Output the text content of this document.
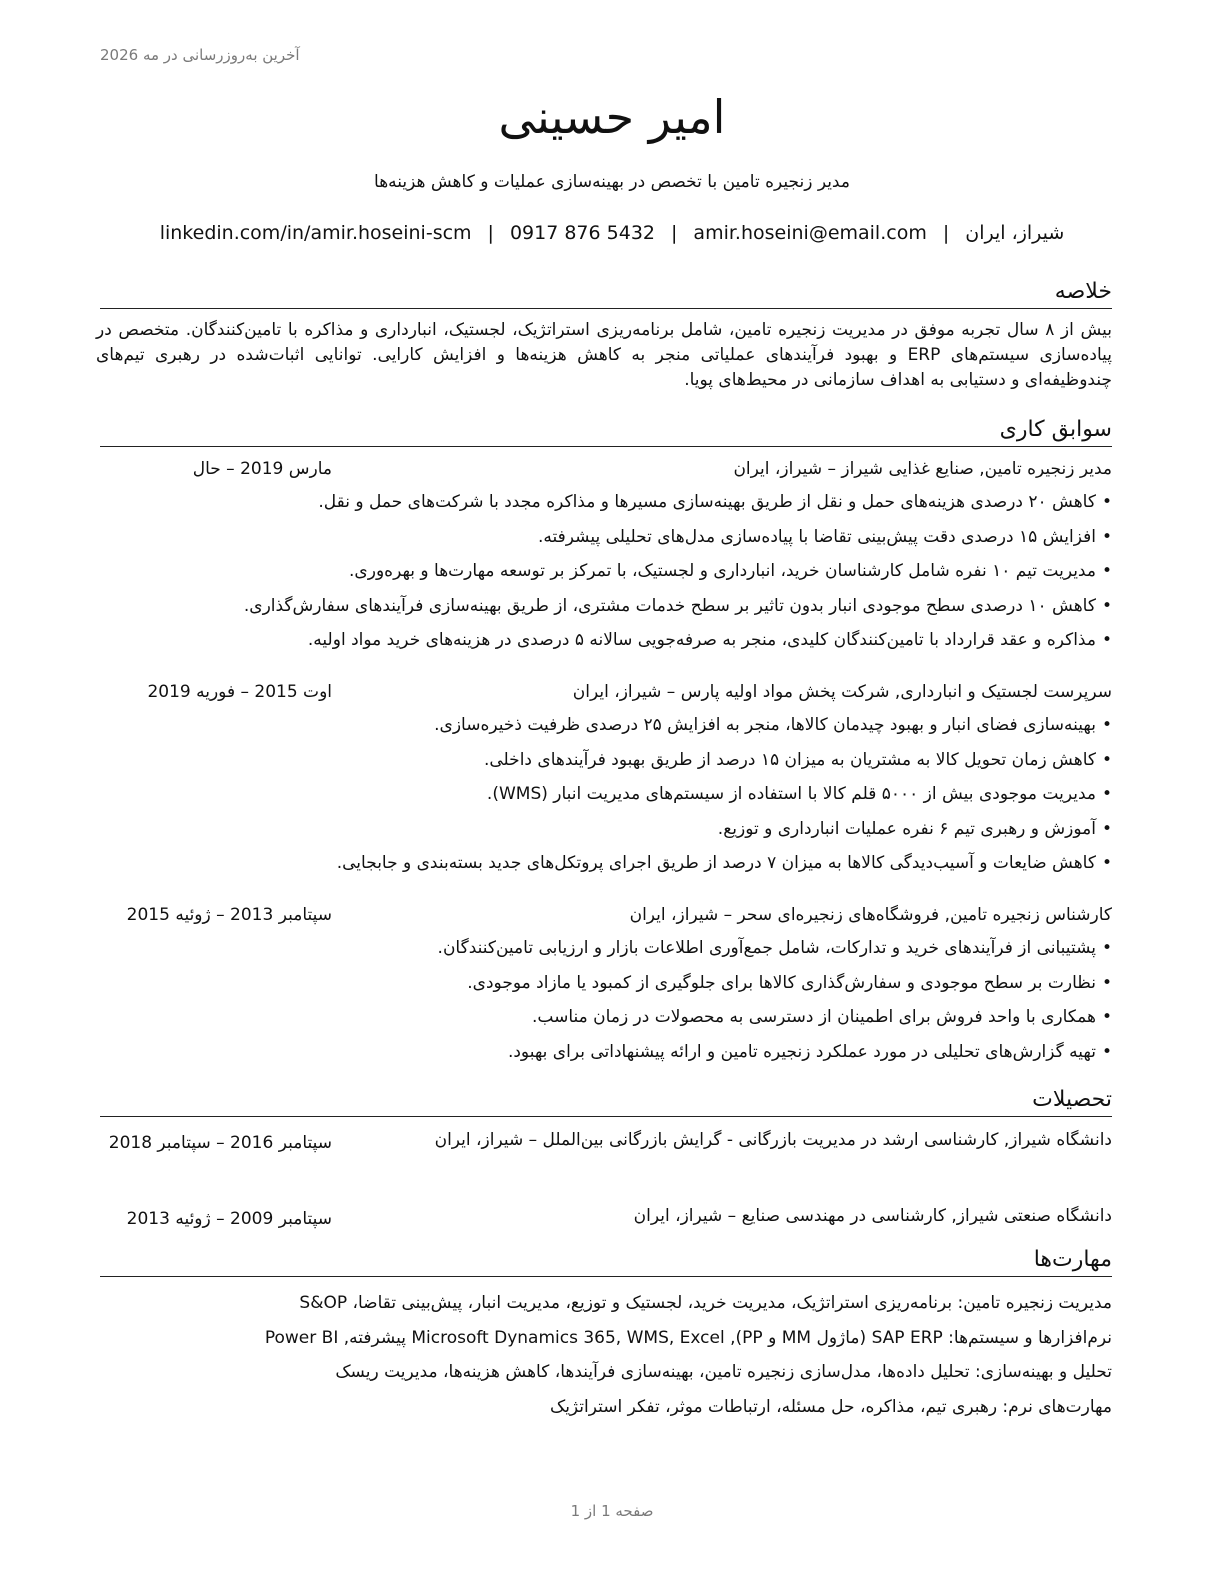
آخرین به‌روزرسانی در مه 2026
امیر حسینی
مدیر زنجیره تامین با تخصص در بهینه‌سازی عملیات و کاهش هزینه‌ها
شیراز، ایران|amir.hoseini@email.com|0917 876 5432|linkedin.com/in/amir.hoseini-scm
خلاصه
بیش از ۸ سال تجربه موفق در مدیریت زنجیره تامین، شامل برنامه‌ریزی استراتژیک، لجستیک، انبارداری و مذاکره با تامین‌کنندگان. متخصص در پیاده‌سازی سیستم‌های ERP و بهبود فرآیندهای عملیاتی منجر به کاهش هزینه‌ها و افزایش کارایی. توانایی اثبات‌شده در رهبری تیم‌های چندوظیفه‌ای و دستیابی به اهداف سازمانی در محیط‌های پویا.
سوابق کاری
مدیر زنجیره تامین, صنایع غذایی شیراز – شیراز، ایران
مارس 2019 – حال
• کاهش ۲۰ درصدی هزینه‌های حمل و نقل از طریق بهینه‌سازی مسیرها و مذاکره مجدد با شرکت‌های حمل و نقل.
• افزایش ۱۵ درصدی دقت پیش‌بینی تقاضا با پیاده‌سازی مدل‌های تحلیلی پیشرفته.
• مدیریت تیم ۱۰ نفره شامل کارشناسان خرید، انبارداری و لجستیک، با تمرکز بر توسعه مهارت‌ها و بهره‌وری.
• کاهش ۱۰ درصدی سطح موجودی انبار بدون تاثیر بر سطح خدمات مشتری، از طریق بهینه‌سازی فرآیندهای سفارش‌گذاری.
• مذاکره و عقد قرارداد با تامین‌کنندگان کلیدی، منجر به صرفه‌جویی سالانه ۵ درصدی در هزینه‌های خرید مواد اولیه.
سرپرست لجستیک و انبارداری, شرکت پخش مواد اولیه پارس – شیراز، ایران
اوت 2015 – فوریه 2019
• بهینه‌سازی فضای انبار و بهبود چیدمان کالاها، منجر به افزایش ۲۵ درصدی ظرفیت ذخیره‌سازی.
• کاهش زمان تحویل کالا به مشتریان به میزان ۱۵ درصد از طریق بهبود فرآیندهای داخلی.
• مدیریت موجودی بیش از ۵۰۰۰ قلم کالا با استفاده از سیستم‌های مدیریت انبار (WMS).
• آموزش و رهبری تیم ۶ نفره عملیات انبارداری و توزیع.
• کاهش ضایعات و آسیب‌دیدگی کالاها به میزان ۷ درصد از طریق اجرای پروتکل‌های جدید بسته‌بندی و جابجایی.
کارشناس زنجیره تامین, فروشگاه‌های زنجیره‌ای سحر – شیراز، ایران
سپتامبر 2013 – ژوئیه 2015
• پشتیبانی از فرآیندهای خرید و تدارکات، شامل جمع‌آوری اطلاعات بازار و ارزیابی تامین‌کنندگان.
• نظارت بر سطح موجودی و سفارش‌گذاری کالاها برای جلوگیری از کمبود یا مازاد موجودی.
• همکاری با واحد فروش برای اطمینان از دسترسی به محصولات در زمان مناسب.
• تهیه گزارش‌های تحلیلی در مورد عملکرد زنجیره تامین و ارائه پیشنهاداتی برای بهبود.
تحصیلات
دانشگاه شیراز, کارشناسی ارشد در مدیریت بازرگانی - گرایش بازرگانی بین‌الملل – شیراز، ایران
سپتامبر 2016 – سپتامبر 2018
دانشگاه صنعتی شیراز, کارشناسی در مهندسی صنایع – شیراز، ایران
سپتامبر 2009 – ژوئیه 2013
مهارت‌ها
مدیریت زنجیره تامین: برنامه‌ریزی استراتژیک، مدیریت خرید، لجستیک و توزیع، مدیریت انبار، پیش‌بینی تقاضا، S&OP
نرم‌افزارها و سیستم‌ها: SAP ERP (ماژول MM و PP), Microsoft Dynamics 365, WMS, Excel پیشرفته, Power BI
تحلیل و بهینه‌سازی: تحلیل داده‌ها، مدل‌سازی زنجیره تامین، بهینه‌سازی فرآیندها، کاهش هزینه‌ها، مدیریت ریسک
مهارت‌های نرم: رهبری تیم، مذاکره، حل مسئله، ارتباطات موثر، تفکر استراتژیک
صفحه 1 از 1
